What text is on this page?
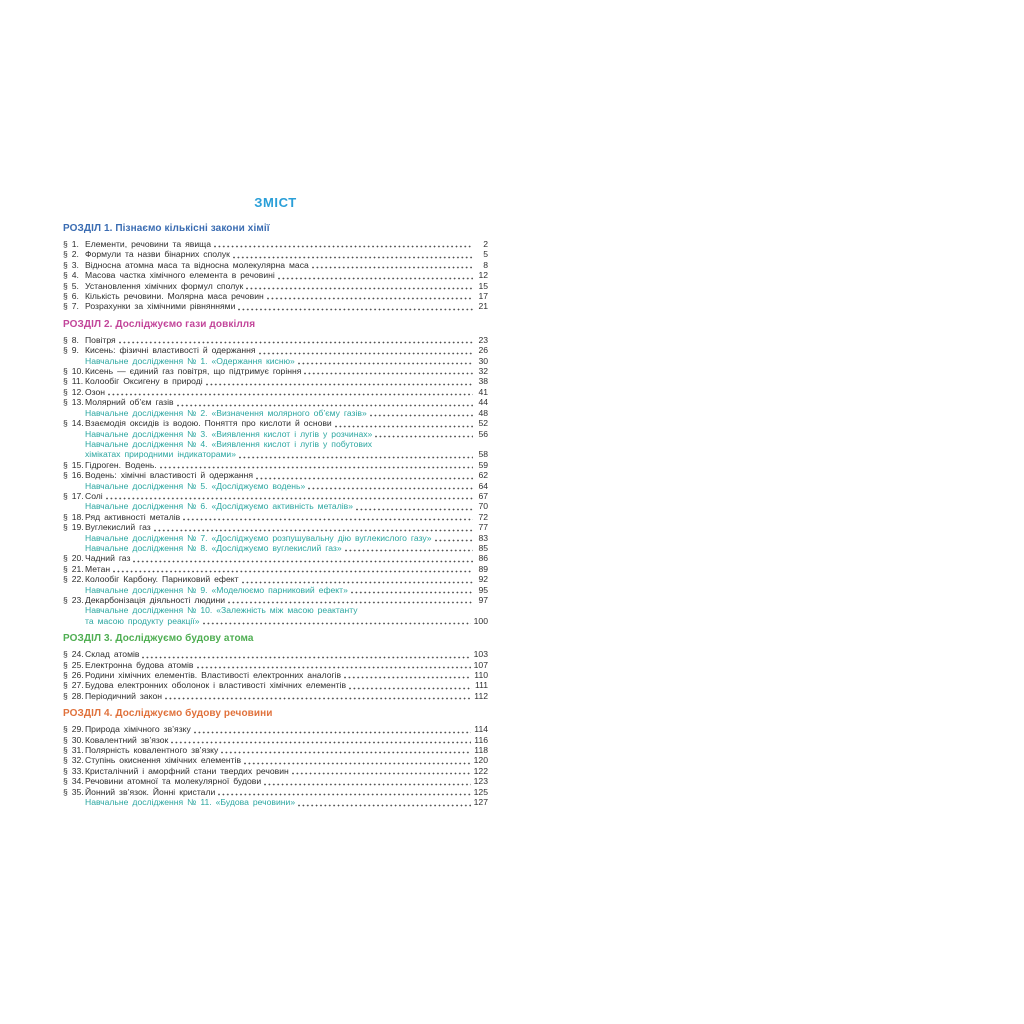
ЗМІСТ
РОЗДІЛ 1. Пізнаємо кількісні закони хімії
§ 1. Елементи, речовини та явища	2
§ 2. Формули та назви бінарних сполук	5
§ 3. Відносна атомна маса та відносна молекулярна маса	8
§ 4. Масова частка хімічного елемента в речовині	12
§ 5. Установлення хімічних формул сполук	15
§ 6. Кількість речовини. Молярна маса речовин	17
§ 7. Розрахунки за хімічними рівняннями	21
РОЗДІЛ 2. Досліджуємо гази довкілля
§ 8. Повітря	23
§ 9. Кисень: фізичні властивості й одержання	26
Навчальне дослідження № 1. «Одержання кисню»	30
§ 10. Кисень — єдиний газ повітря, що підтримує горіння	32
§ 11. Колообіг Оксигену в природі	38
§ 12. Озон	41
§ 13. Молярний об’єм газів	44
Навчальне дослідження № 2. «Визначення молярного об’єму газів»	48
§ 14. Взаємодія оксидів із водою. Поняття про кислоти й основи	52
Навчальне дослідження № 3. «Виявлення кислот і лугів у розчинах»	56
Навчальне дослідження № 4. «Виявлення кислот і лугів у побутових
хімікатах природними індикаторами»	58
§ 15. Гідроген. Водень.	59
§ 16. Водень: хімічні властивості й одержання	62
Навчальне дослідження № 5. «Досліджуємо водень»	64
§ 17. Солі	67
Навчальне дослідження № 6. «Досліджуємо активність металів»	70
§ 18. Ряд активності металів	72
§ 19. Вуглекислий газ	77
Навчальне дослідження № 7. «Досліджуємо розпушувальну дію вуглекислого газу»	83
Навчальне дослідження № 8. «Досліджуємо вуглекислий газ»	85
§ 20. Чадний газ	86
§ 21. Метан	89
§ 22. Колообіг Карбону. Парниковий ефект	92
Навчальне дослідження № 9. «Моделюємо парниковий ефект»	95
§ 23. Декарбонізація діяльності людини	97
Навчальне дослідження № 10. «Залежність між масою реактанту
та масою продукту реакції»	100
РОЗДІЛ 3. Досліджуємо будову атома
§ 24. Склад атомів	103
§ 25. Електронна будова атомів	107
§ 26. Родини хімічних елементів. Властивості електронних аналогів	110
§ 27. Будова електронних оболонок і властивості хімічних елементів	111
§ 28. Періодичний закон	112
РОЗДІЛ 4. Досліджуємо будову речовини
§ 29. Природа хімічного зв’язку	114
§ 30. Ковалентний зв’язок	116
§ 31. Полярність ковалентного зв’язку	118
§ 32. Ступінь окиснення хімічних елементів	120
§ 33. Кристалічний і аморфний стани твердих речовин	122
§ 34. Речовини атомної та молекулярної будови	123
§ 35. Йонний зв’язок. Йонні кристали	125
Навчальне дослідження № 11. «Будова речовини»	127
